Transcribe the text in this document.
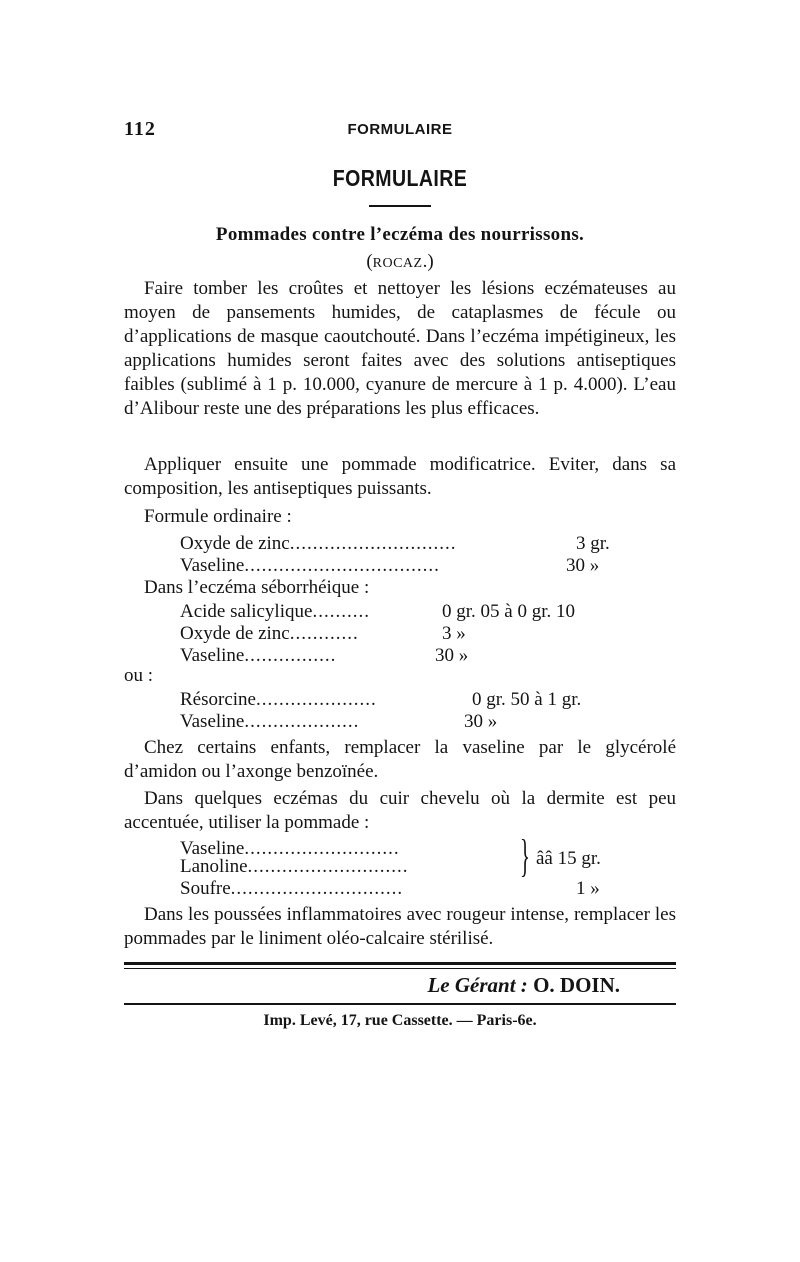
112	FORMULAIRE
FORMULAIRE
Pommades contre l’eczéma des nourrissons.
(ROCAZ.)
Faire tomber les croûtes et nettoyer les lésions eczémateuses au moyen de pansements humides, de cataplasmes de fécule ou d’applications de masque caoutchouté. Dans l’eczéma impétigineux, les applications humides seront faites avec des solutions antiseptiques faibles (sublimé à 1 p. 10.000, cyanure de mercure à 1 p. 4.000). L’eau d’Alibour reste une des préparations les plus efficaces.
Appliquer ensuite une pommade modificatrice. Eviter, dans sa composition, les antiseptiques puissants.
Formule ordinaire :
Oxyde de zinc.............................	3 gr.
Vaseline..................................	30 »
Dans l’eczéma séborrhéique :
Acide salicylique..........	0 gr. 05 à 0 gr. 10
Oxyde de zinc............	3 »
Vaseline................	30 »
ou :
Résorcine.....................	0 gr. 50 à 1 gr.
Vaseline....................	30 »
Chez certains enfants, remplacer la vaseline par le glycérolé d’amidon ou l’axonge benzoïnée.
Dans quelques eczémas du cuir chevelu où la dermite est peu accentuée, utiliser la pommade :
Vaseline...........................
Lanoline............................ } ââ 15 gr.
Soufre..............................	1 »
Dans les poussées inflammatoires avec rougeur intense, remplacer les pommades par le liniment oléo-calcaire stérilisé.
Le Gérant : O. DOIN.
Imp. Levé, 17, rue Cassette. — Paris-6e.
